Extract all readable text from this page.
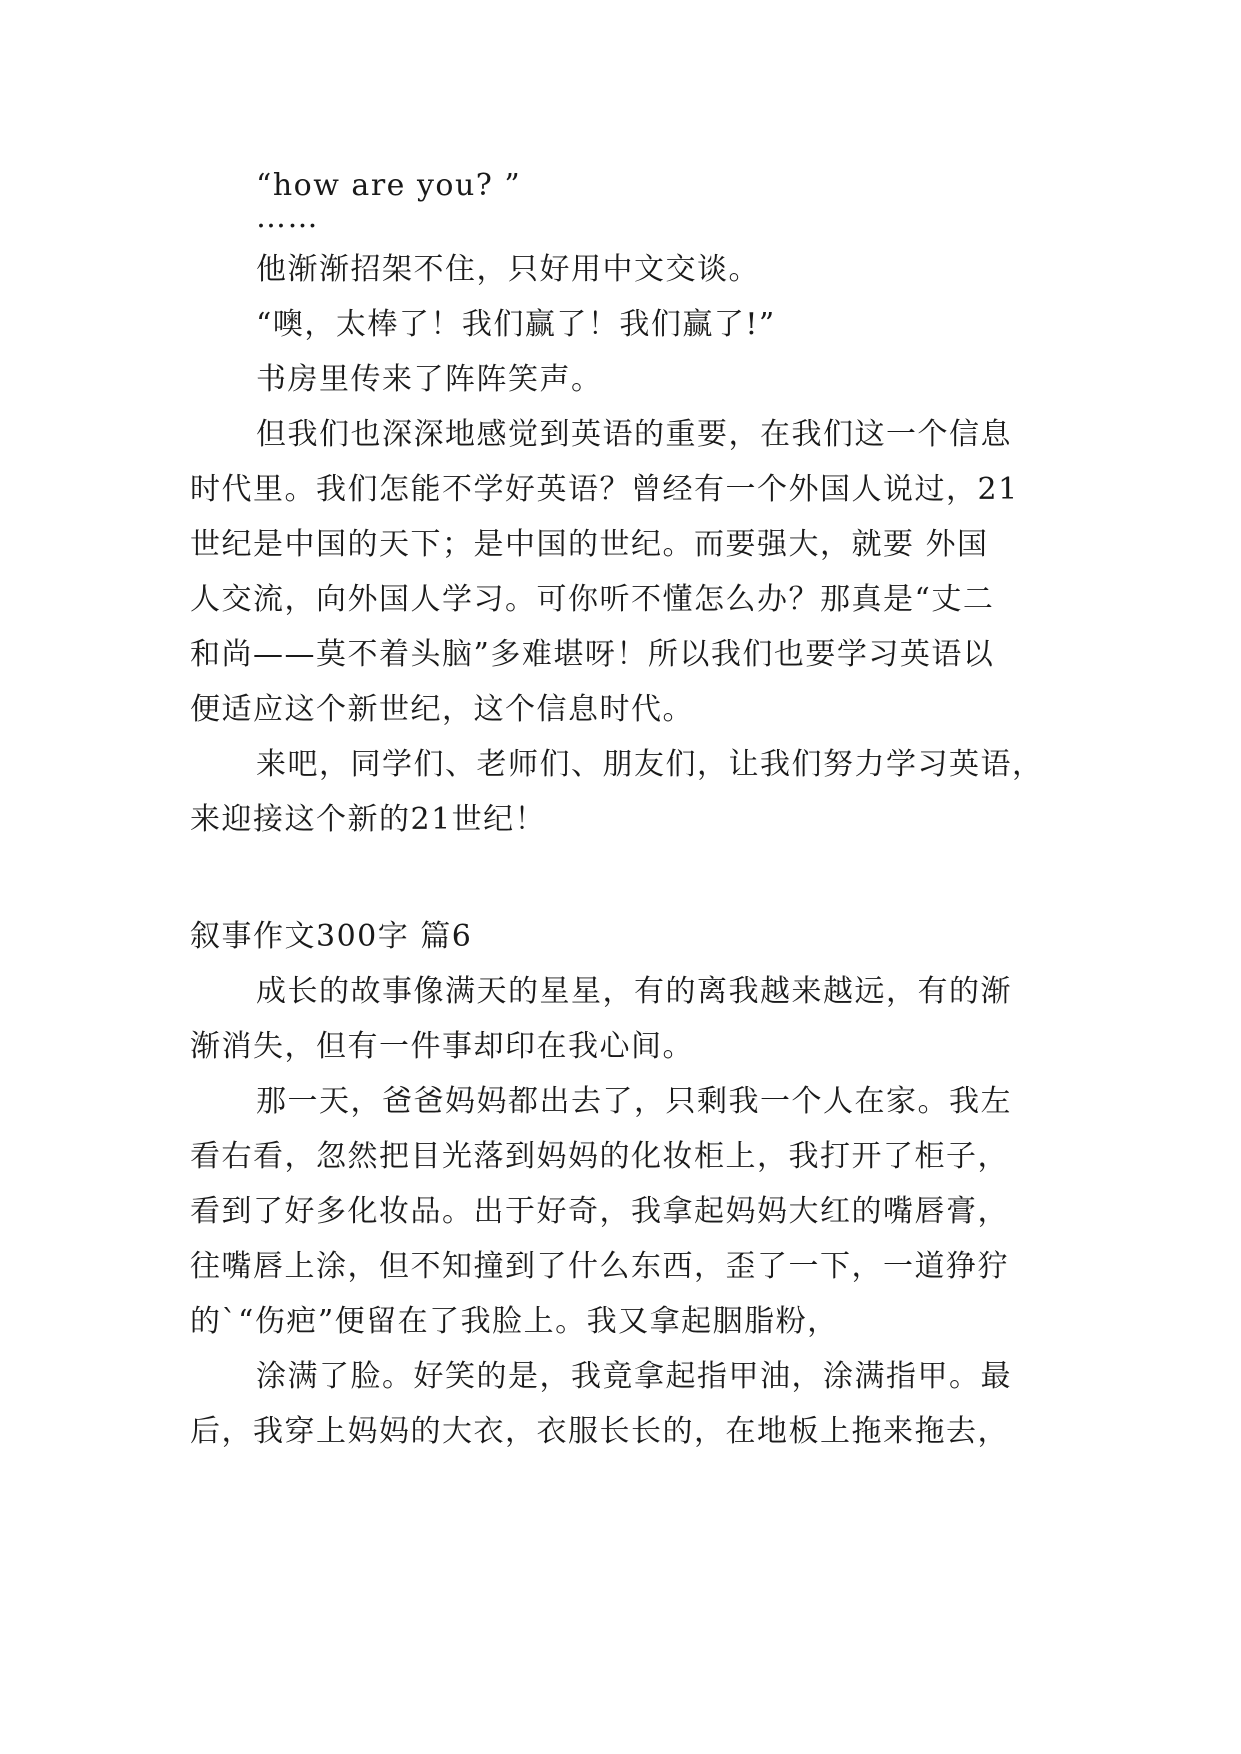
“how are you? ”
……
他渐渐招架不住，只好用中文交谈。
“噢，太棒了！我们赢了！我们赢了!”
书房里传来了阵阵笑声。
但我们也深深地感觉到英语的重要，在我们这一个信息
时代里。我们怎能不学好英语？曾经有一个外国人说过，21
世纪是中国的天下；是中国的世纪。而要强大，就要 外国
人交流，向外国人学习。可你听不懂怎么办？那真是“丈二
和尚——莫不着头脑”多难堪呀！所以我们也要学习英语以
便适应这个新世纪，这个信息时代。
来吧，同学们、老师们、朋友们，让我们努力学习英语，
来迎接这个新的21世纪！
叙事作文300字 篇6
成长的故事像满天的星星，有的离我越来越远，有的渐
渐消失，但有一件事却印在我心间。
那一天，爸爸妈妈都出去了，只剩我一个人在家。我左
看右看，忽然把目光落到妈妈的化妆柜上，我打开了柜子，
看到了好多化妆品。出于好奇，我拿起妈妈大红的嘴唇膏，
往嘴唇上涂，但不知撞到了什么东西，歪了一下，一道狰狞
的`“伤疤”便留在了我脸上。我又拿起胭脂粉，
涂满了脸。好笑的是，我竟拿起指甲油，涂满指甲。最
后，我穿上妈妈的大衣，衣服长长的，在地板上拖来拖去，
